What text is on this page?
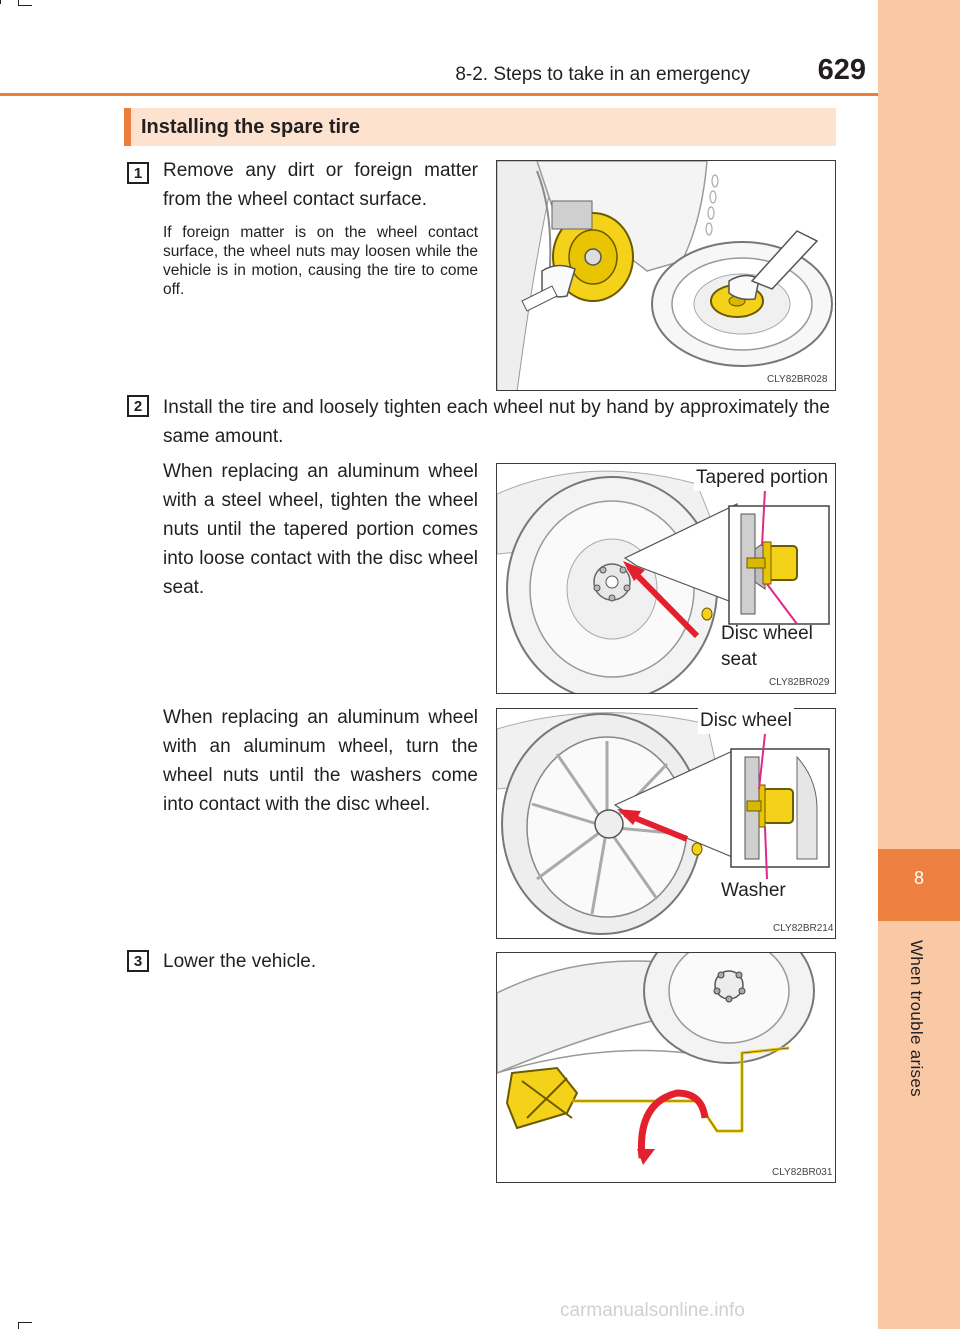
8-2. Steps to take in an emergency	629
8
When trouble arises
Installing the spare tire
1	Remove any dirt or foreign matter from the wheel contact surface.
If foreign matter is on the wheel contact surface, the wheel nuts may loosen while the vehicle is in motion, causing the tire to come off.
CLY82BR028
2	Install the tire and loosely tighten each wheel nut by hand by approximately the same amount.
When replacing an aluminum wheel with a steel wheel, tighten the wheel nuts until the tapered portion comes into loose contact with the disc wheel seat.
CLY82BR029
Tapered portion
Disc wheel
seat
When replacing an aluminum wheel with an aluminum wheel, turn the wheel nuts until the washers come into contact with the disc wheel.
CLY82BR214
Disc wheel
Washer
3	Lower the vehicle.
CLY82BR031
carmanualsonline.info
